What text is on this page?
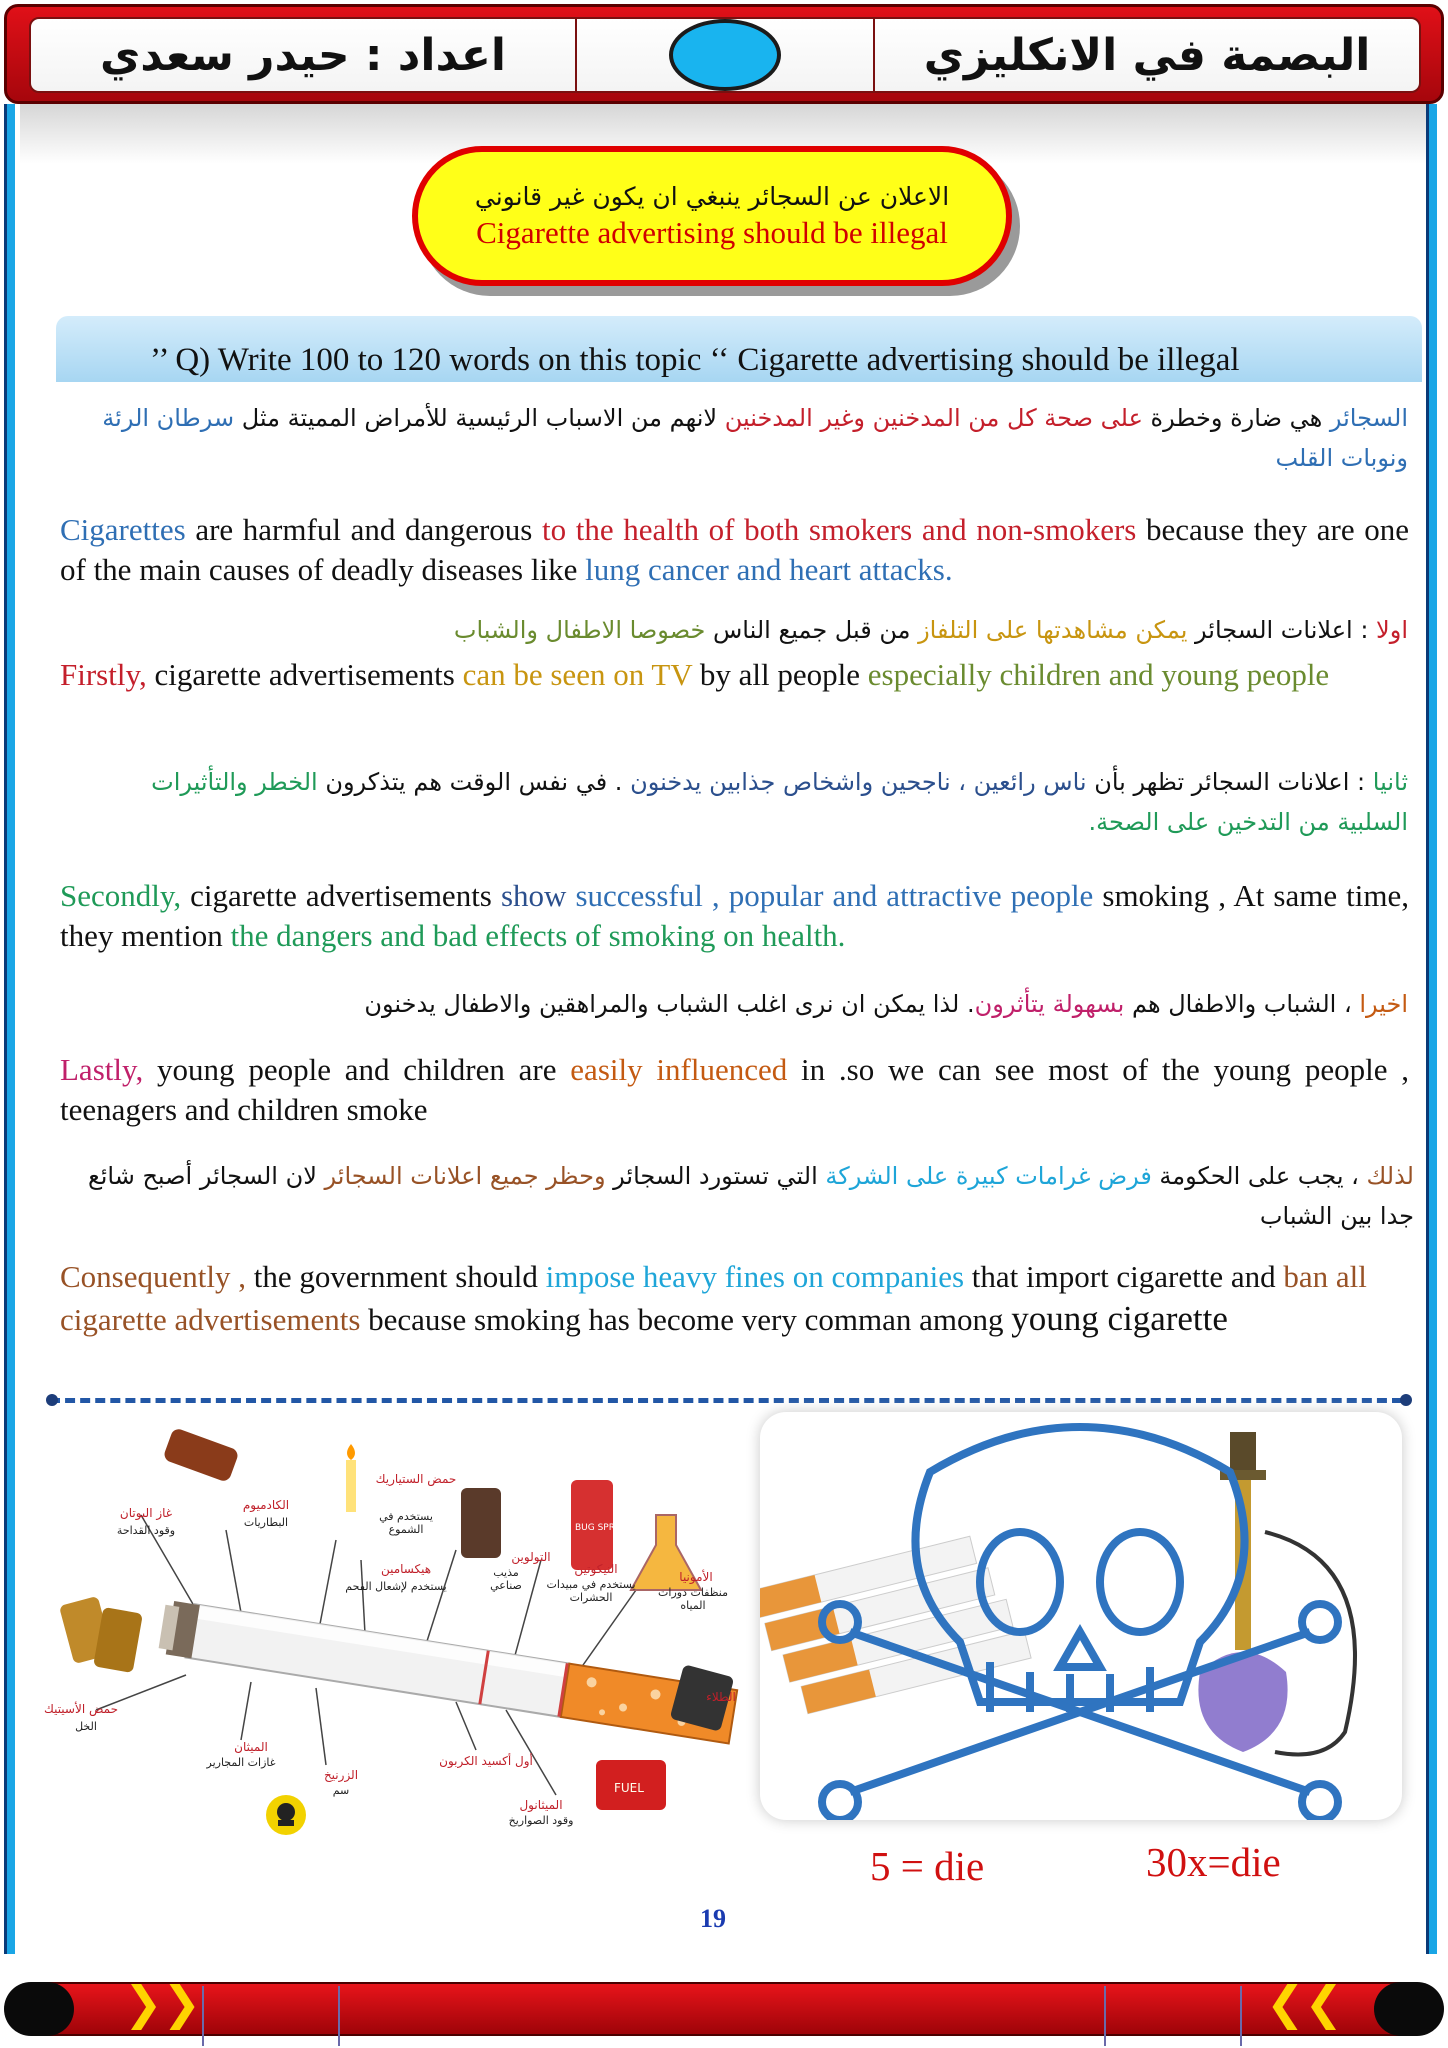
اعداد : حيدر سعدي	البصمة في الانكليزي
الاعلان عن السجائر ينبغي ان يكون غير قانوني
Cigarette advertising should be illegal
’’ Q) Write 100 to 120 words on this topic ‘‘ Cigarette advertising should be illegal
السجائر هي ضارة وخطرة على صحة كل من المدخنين وغير المدخنين لانهم من الاسباب الرئيسية للأمراض المميتة مثل سرطان الرئة ونوبات القلب
Cigarettes are harmful and dangerous to the health of both smokers and non-smokers because they are one of the main causes of deadly diseases like lung cancer and heart attacks.
اولا : اعلانات السجائر يمكن مشاهدتها على التلفاز من قبل جميع الناس خصوصا الاطفال والشباب
Firstly, cigarette advertisements can be seen on TV by all people especially children and young people
ثانيا : اعلانات السجائر تظهر بأن ناس رائعين ، ناجحين واشخاص جذابين يدخنون . في نفس الوقت هم يتذكرون الخطر والتأثيرات السلبية من التدخين على الصحة.
Secondly, cigarette advertisements show successful , popular and attractive people smoking , At same time, they mention the dangers and bad effects of smoking on health.
اخيرا ، الشباب والاطفال هم بسهولة يتأثرون. لذا يمكن ان نرى اغلب الشباب والمراهقين والاطفال يدخنون
Lastly, young people and children are easily influenced in .so we can see most of the young people , teenagers and children smoke
لذلك ، يجب على الحكومة فرض غرامات كبيرة على الشركة التي تستورد السجائر وحظر جميع اعلانات السجائر لان السجائر أصبح شائع جدا بين الشباب
Consequently , the government should impose heavy fines on companies that import cigarette and ban all cigarette advertisements because smoking has become very comman among young cigarette
BUG SPRAY
FUEL
غاز البوتان
وقود القداحة
الكادميوم
البطاريات
حمض الستياريك
يستخدم في الشموع
التولوين
مذيب صناعي
النيكوتين
يستخدم في مبيدات الحشرات
الأمونيا
منظفات دورات المياه
هيكسامين
يستخدم لإشعال الفحم
حمض الأسيتيك
الخل
الميثان
غازات المجارير
الزرنيخ
سم
أول أكسيد الكربون
الميثانول
وقود الصواريخ
الطلاء
5 = die	30x=die
19
❯❯	❮❮
